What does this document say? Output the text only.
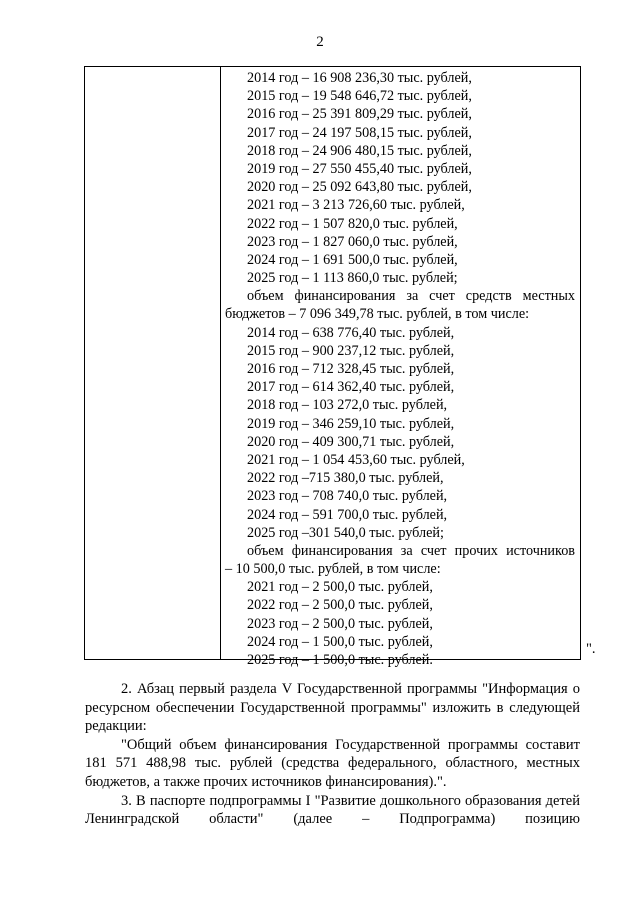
2
2014 год – 16 908 236,30 тыс. рублей,
2015 год – 19 548 646,72 тыс. рублей,
2016 год – 25 391 809,29 тыс. рублей,
2017 год – 24 197 508,15 тыс. рублей,
2018 год – 24 906 480,15 тыс. рублей,
2019 год – 27 550 455,40 тыс. рублей,
2020 год – 25 092 643,80 тыс. рублей,
2021 год – 3 213 726,60 тыс. рублей,
2022 год – 1 507 820,0 тыс. рублей,
2023 год – 1 827 060,0 тыс. рублей,
2024 год – 1 691 500,0 тыс. рублей,
2025 год – 1 113 860,0 тыс. рублей;
объем финансирования за счет средств местных
бюджетов – 7 096 349,78 тыс. рублей, в том числе:
2014 год – 638 776,40 тыс. рублей,
2015 год – 900 237,12 тыс. рублей,
2016 год – 712 328,45 тыс. рублей,
2017 год – 614 362,40 тыс. рублей,
2018 год – 103 272,0 тыс. рублей,
2019 год – 346 259,10 тыс. рублей,
2020 год – 409 300,71 тыс. рублей,
2021 год – 1 054 453,60 тыс. рублей,
2022 год –715 380,0 тыс. рублей,
2023 год – 708 740,0 тыс. рублей,
2024 год – 591 700,0 тыс. рублей,
2025 год –301 540,0 тыс. рублей;
объем финансирования за счет прочих источников
– 10 500,0 тыс. рублей, в том числе:
2021 год – 2 500,0 тыс. рублей,
2022 год – 2 500,0 тыс. рублей,
2023 год – 2 500,0 тыс. рублей,
2024 год – 1 500,0 тыс. рублей,
2025 год – 1 500,0 тыс. рублей.
".
2. Абзац первый раздела V Государственной программы "Информация о ресурсном обеспечении Государственной программы" изложить в следующей редакции:
"Общий объем финансирования Государственной программы составит 181 571 488,98 тыс. рублей (средства федерального, областного, местных бюджетов, а также прочих источников финансирования).".
3. В паспорте подпрограммы I "Развитие дошкольного образования детей Ленинградской области" (далее – Подпрограмма) позицию
